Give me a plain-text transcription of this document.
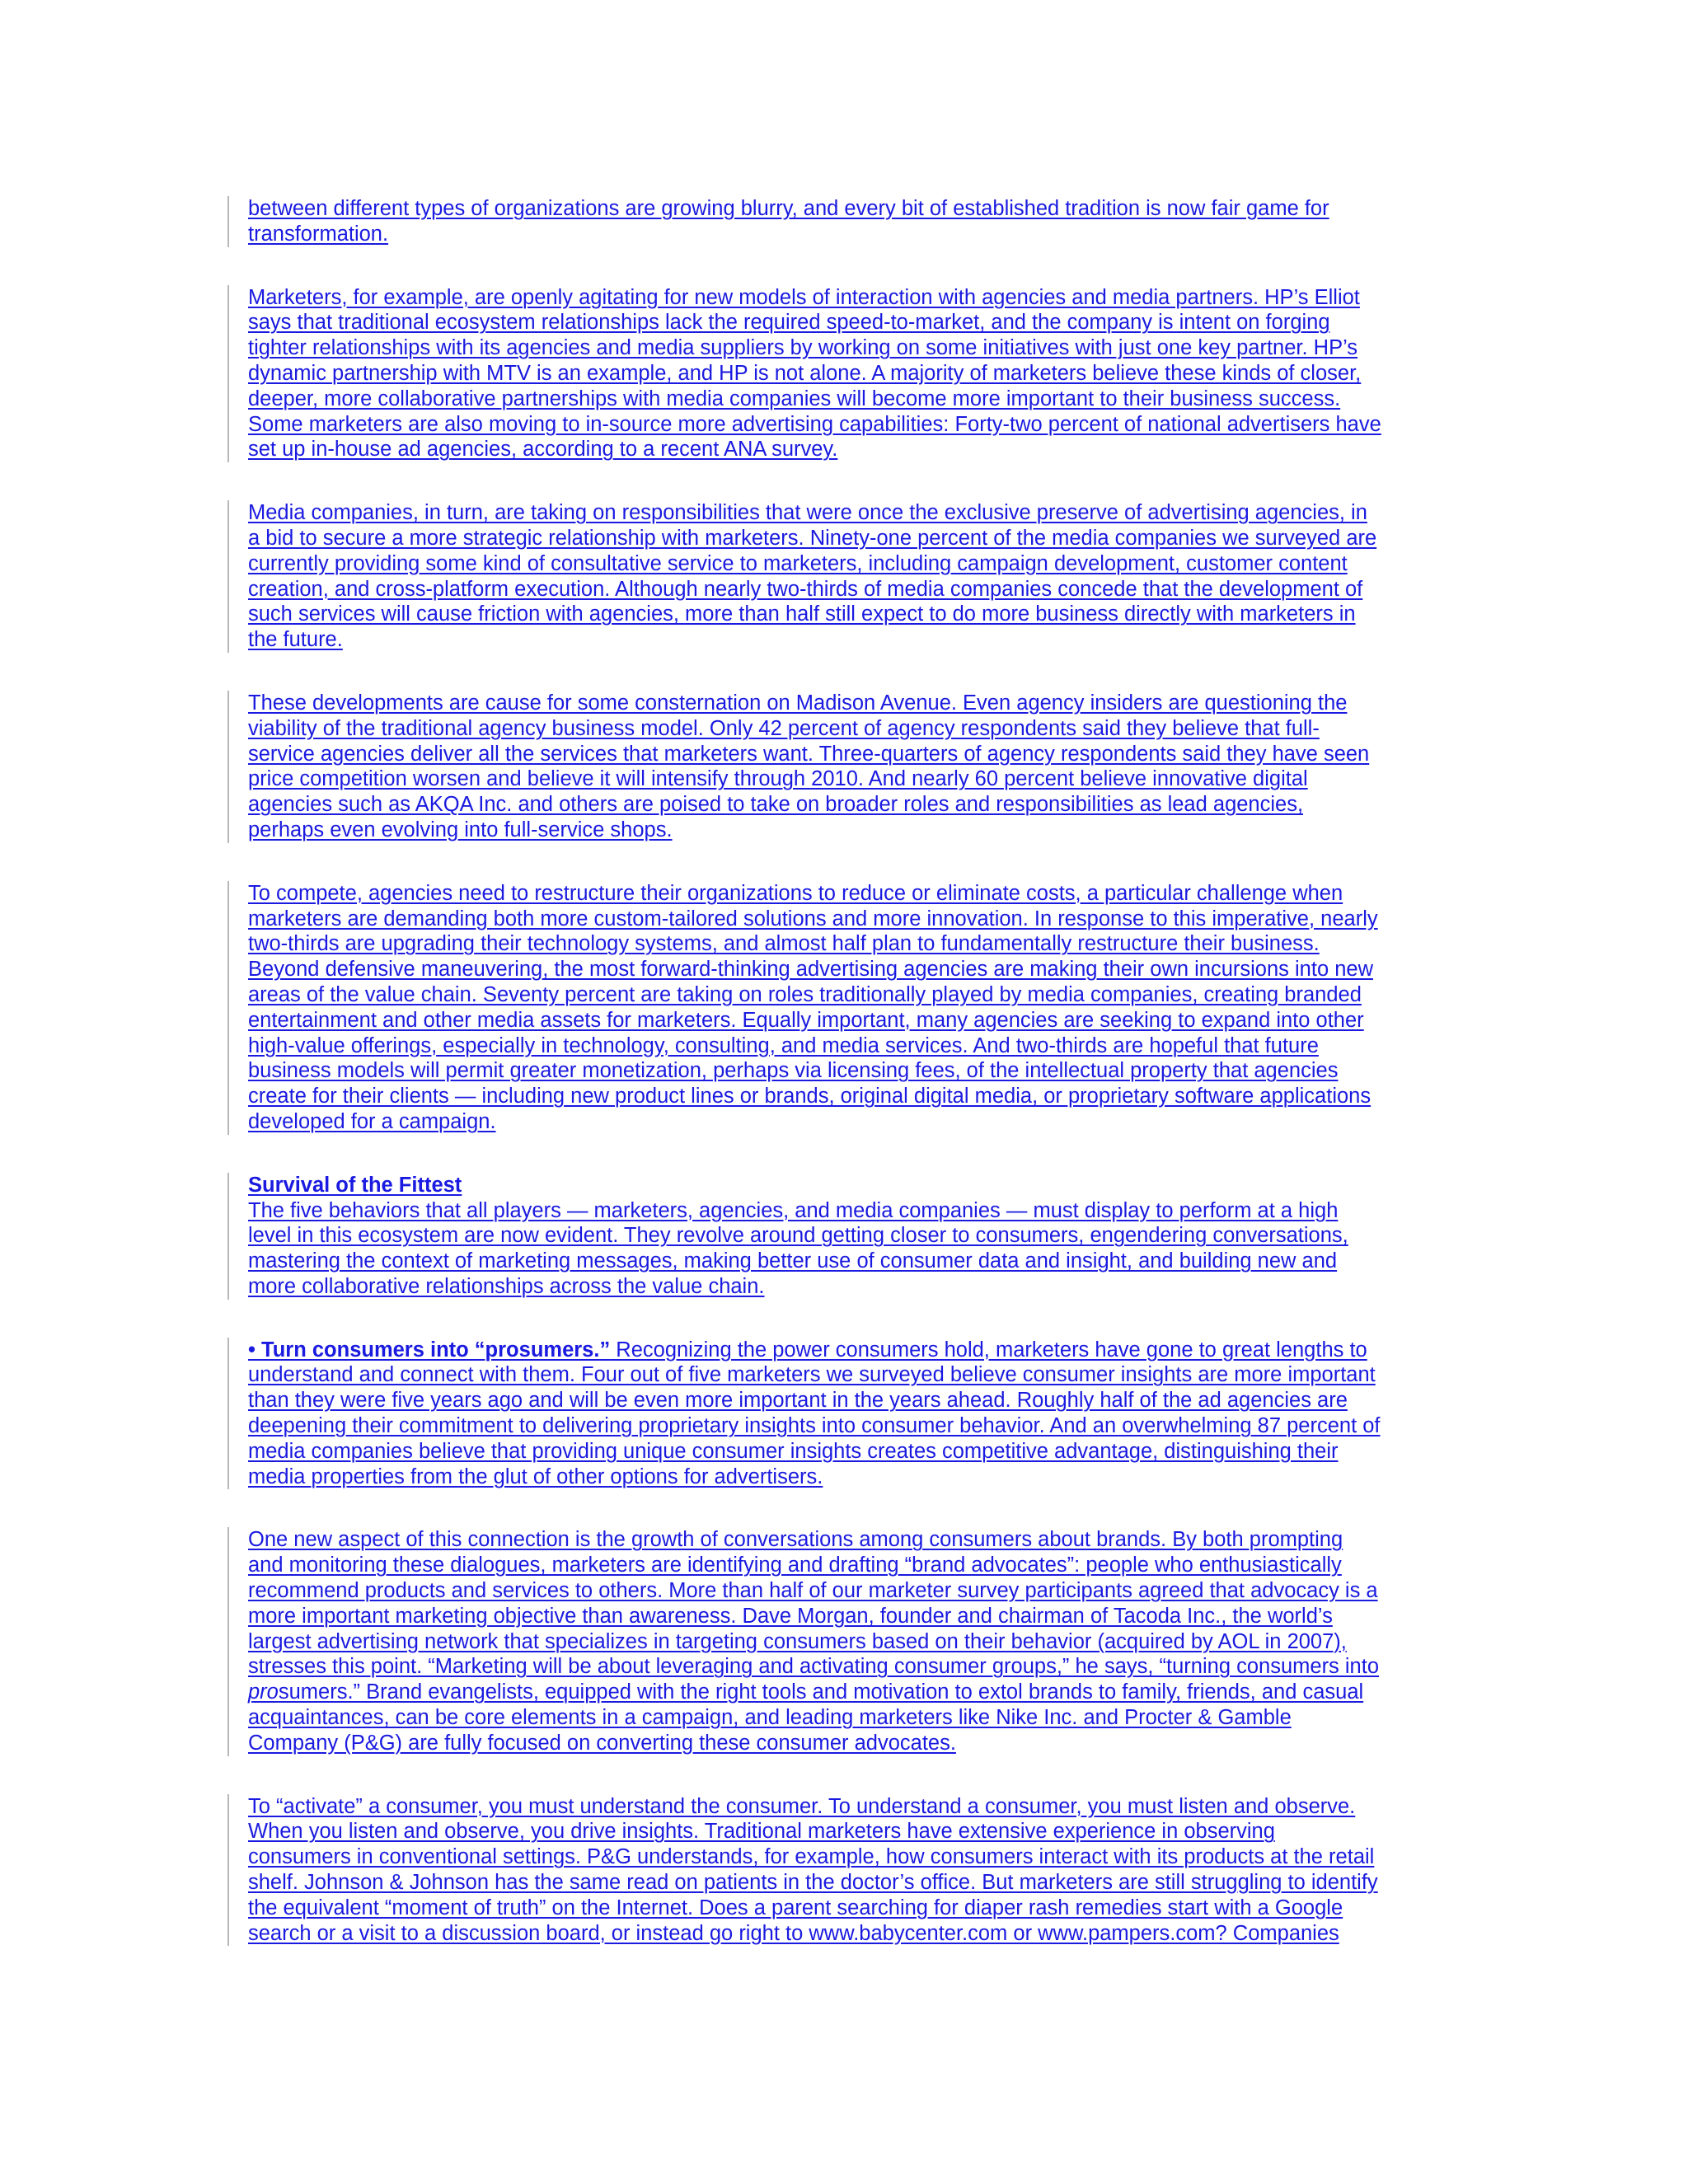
between different types of organizations are growing blurry, and every bit of established tradition is now fair game for
transformation.
Marketers, for example, are openly agitating for new models of interaction with agencies and media partners. HP’s Elliot
says that traditional ecosystem relationships lack the required speed-to-market, and the company is intent on forging
tighter relationships with its agencies and media suppliers by working on some initiatives with just one key partner. HP’s
dynamic partnership with MTV is an example, and HP is not alone. A majority of marketers believe these kinds of closer,
deeper, more collaborative partnerships with media companies will become more important to their business success.
Some marketers are also moving to in-source more advertising capabilities: Forty-two percent of national advertisers have
set up in-house ad agencies, according to a recent ANA survey.
Media companies, in turn, are taking on responsibilities that were once the exclusive preserve of advertising agencies, in
a bid to secure a more strategic relationship with marketers. Ninety-one percent of the media companies we surveyed are
currently providing some kind of consultative service to marketers, including campaign development, customer content
creation, and cross-platform execution. Although nearly two-thirds of media companies concede that the development of
such services will cause friction with agencies, more than half still expect to do more business directly with marketers in
the future.
These developments are cause for some consternation on Madison Avenue. Even agency insiders are questioning the
viability of the traditional agency business model. Only 42 percent of agency respondents said they believe that full-
service agencies deliver all the services that marketers want. Three-quarters of agency respondents said they have seen
price competition worsen and believe it will intensify through 2010. And nearly 60 percent believe innovative digital
agencies such as AKQA Inc. and others are poised to take on broader roles and responsibilities as lead agencies,
perhaps even evolving into full-service shops.
To compete, agencies need to restructure their organizations to reduce or eliminate costs, a particular challenge when
marketers are demanding both more custom-tailored solutions and more innovation. In response to this imperative, nearly
two-thirds are upgrading their technology systems, and almost half plan to fundamentally restructure their business.
Beyond defensive maneuvering, the most forward-thinking advertising agencies are making their own incursions into new
areas of the value chain. Seventy percent are taking on roles traditionally played by media companies, creating branded
entertainment and other media assets for marketers. Equally important, many agencies are seeking to expand into other
high-value offerings, especially in technology, consulting, and media services. And two-thirds are hopeful that future
business models will permit greater monetization, perhaps via licensing fees, of the intellectual property that agencies
create for their clients — including new product lines or brands, original digital media, or proprietary software applications
developed for a campaign.
Survival of the Fittest
The five behaviors that all players — marketers, agencies, and media companies — must display to perform at a high
level in this ecosystem are now evident. They revolve around getting closer to consumers, engendering conversations,
mastering the context of marketing messages, making better use of consumer data and insight, and building new and
more collaborative relationships across the value chain.
• Turn consumers into “prosumers.” Recognizing the power consumers hold, marketers have gone to great lengths to
understand and connect with them. Four out of five marketers we surveyed believe consumer insights are more important
than they were five years ago and will be even more important in the years ahead. Roughly half of the ad agencies are
deepening their commitment to delivering proprietary insights into consumer behavior. And an overwhelming 87 percent of
media companies believe that providing unique consumer insights creates competitive advantage, distinguishing their
media properties from the glut of other options for advertisers.
One new aspect of this connection is the growth of conversations among consumers about brands. By both prompting
and monitoring these dialogues, marketers are identifying and drafting “brand advocates”: people who enthusiastically
recommend products and services to others. More than half of our marketer survey participants agreed that advocacy is a
more important marketing objective than awareness. Dave Morgan, founder and chairman of Tacoda Inc., the world’s
largest advertising network that specializes in targeting consumers based on their behavior (acquired by AOL in 2007),
stresses this point. “Marketing will be about leveraging and activating consumer groups,” he says, “turning consumers into
prosumers.” Brand evangelists, equipped with the right tools and motivation to extol brands to family, friends, and casual
acquaintances, can be core elements in a campaign, and leading marketers like Nike Inc. and Procter & Gamble
Company (P&G) are fully focused on converting these consumer advocates.
To “activate” a consumer, you must understand the consumer. To understand a consumer, you must listen and observe.
When you listen and observe, you drive insights. Traditional marketers have extensive experience in observing
consumers in conventional settings. P&G understands, for example, how consumers interact with its products at the retail
shelf. Johnson & Johnson has the same read on patients in the doctor’s office. But marketers are still struggling to identify
the equivalent “moment of truth” on the Internet. Does a parent searching for diaper rash remedies start with a Google
search or a visit to a discussion board, or instead go right to www.babycenter.com or www.pampers.com? Companies
